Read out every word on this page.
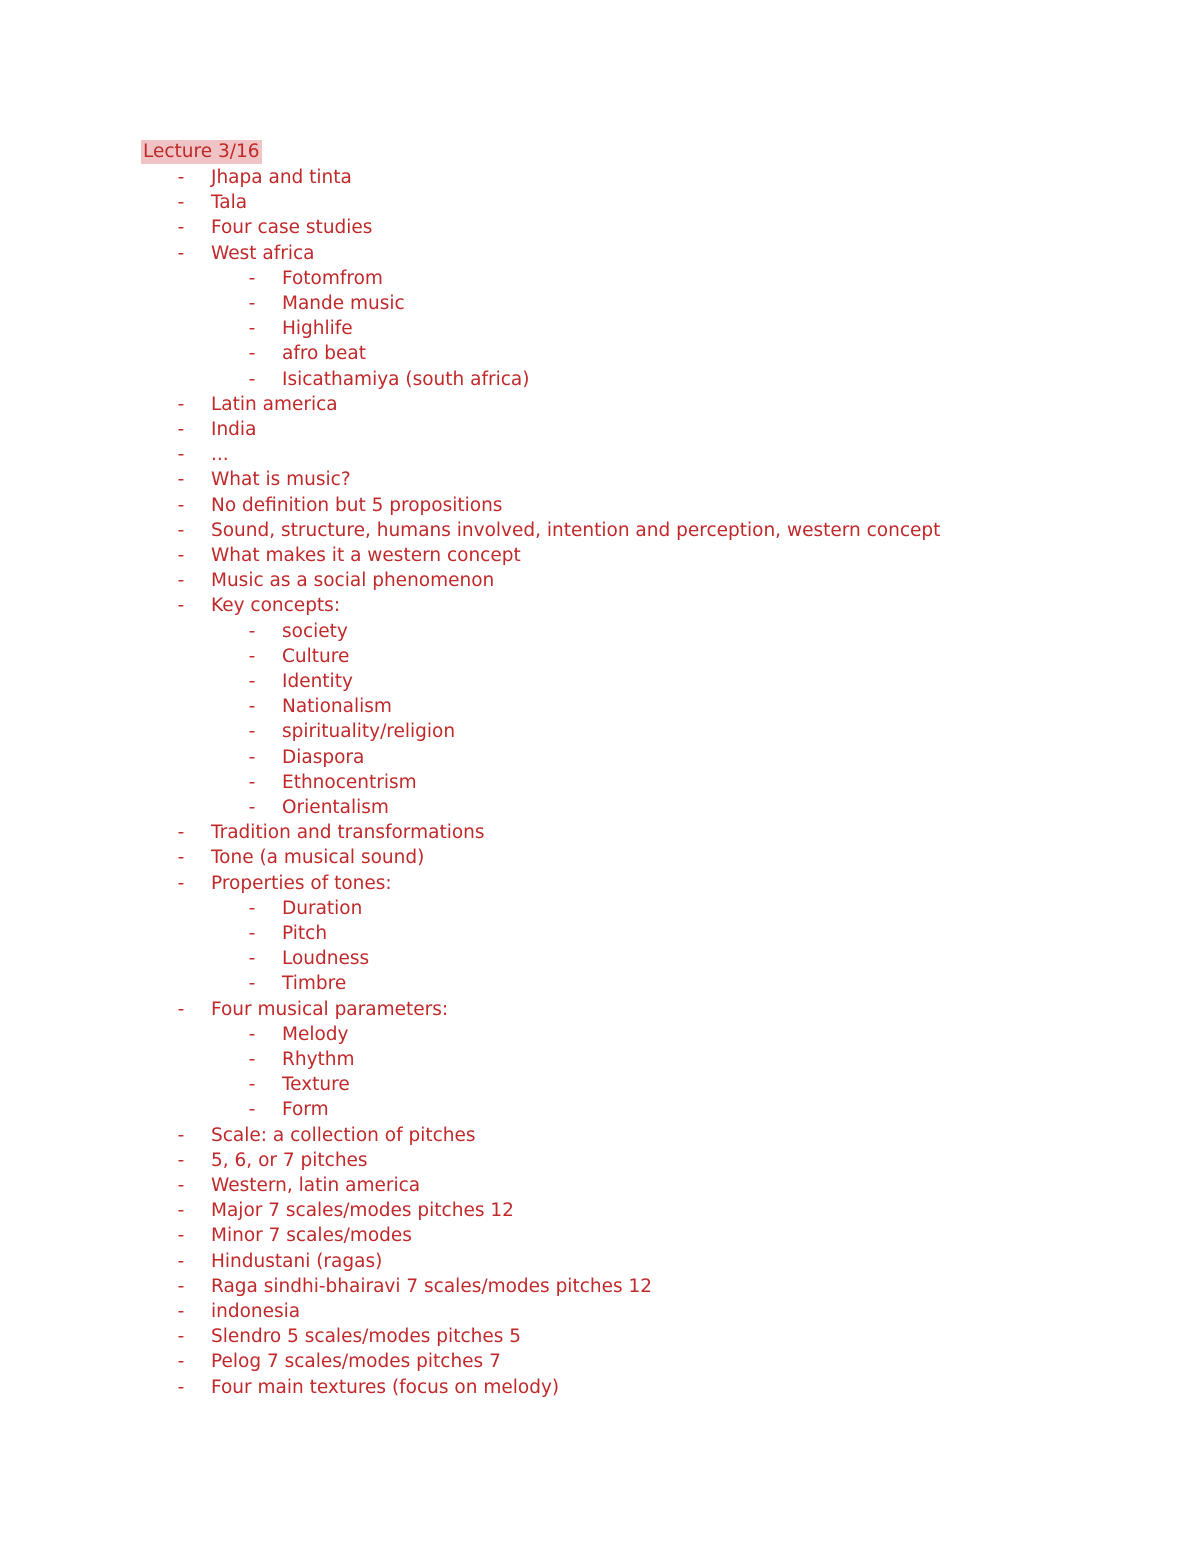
Lecture 3/16
- Jhapa and tinta
- Tala
- Four case studies
- West africa
- Fotomfrom
- Mande music
- Highlife
- afro beat
- Isicathamiya (south africa)
- Latin america
- India
- ...
- What is music?
- No definition but 5 propositions
- Sound, structure, humans involved, intention and perception, western concept
- What makes it a western concept
- Music as a social phenomenon
- Key concepts:
- society
- Culture
- Identity
- Nationalism
- spirituality/religion
- Diaspora
- Ethnocentrism
- Orientalism
- Tradition and transformations
- Tone (a musical sound)
- Properties of tones:
- Duration
- Pitch
- Loudness
- Timbre
- Four musical parameters:
- Melody
- Rhythm
- Texture
- Form
- Scale: a collection of pitches
- 5, 6, or 7 pitches
- Western, latin america
- Major 7 scales/modes pitches 12
- Minor 7 scales/modes
- Hindustani (ragas)
- Raga sindhi-bhairavi 7 scales/modes pitches 12
- indonesia
- Slendro 5 scales/modes pitches 5
- Pelog 7 scales/modes pitches 7
- Four main textures (focus on melody)
